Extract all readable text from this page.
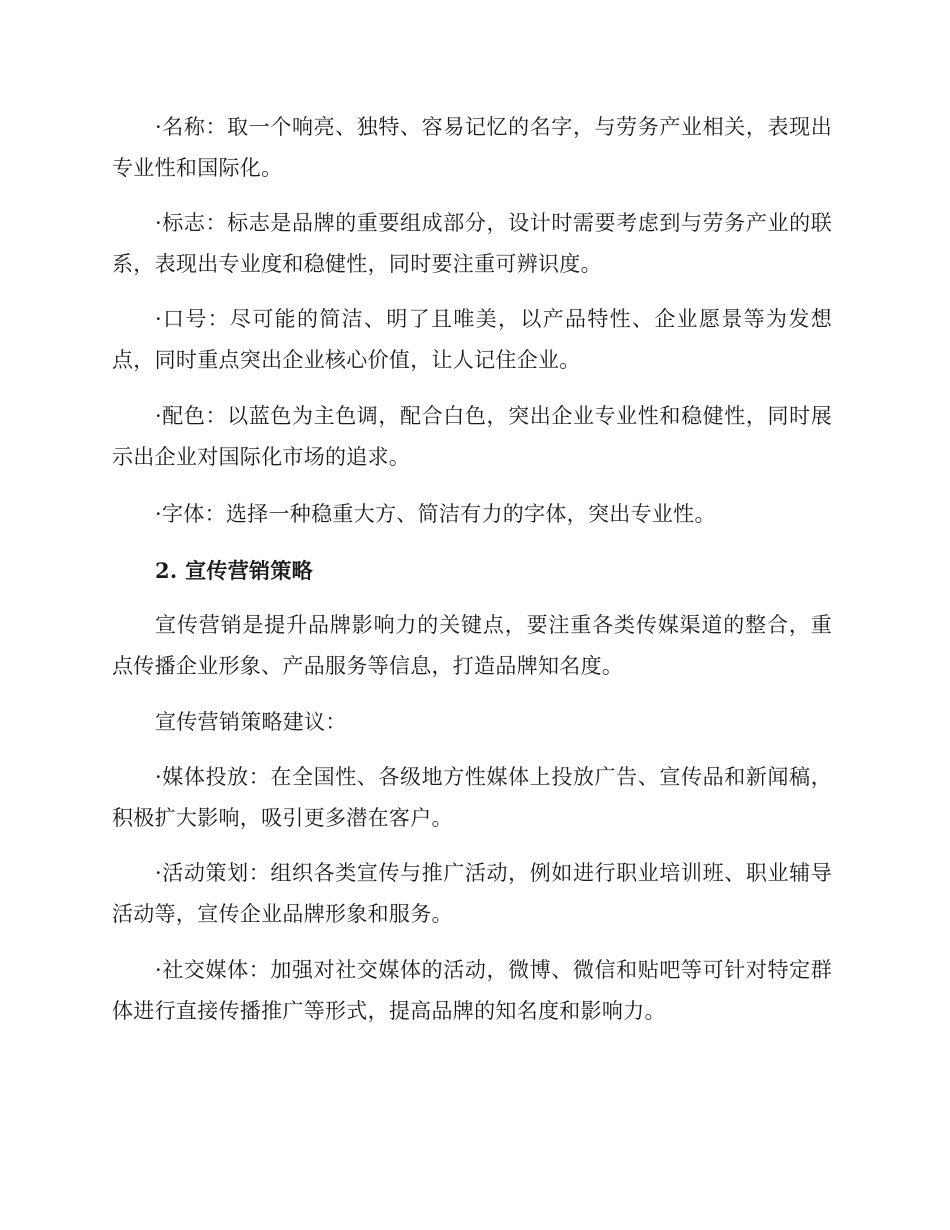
·名称：取一个响亮、独特、容易记忆的名字，与劳务产业相关，表现出专业性和国际化。

·标志：标志是品牌的重要组成部分，设计时需要考虑到与劳务产业的联系，表现出专业度和稳健性，同时要注重可辨识度。

·口号：尽可能的简洁、明了且唯美，以产品特性、企业愿景等为发想点，同时重点突出企业核心价值，让人记住企业。

·配色：以蓝色为主色调，配合白色，突出企业专业性和稳健性，同时展示出企业对国际化市场的追求。

·字体：选择一种稳重大方、简洁有力的字体，突出专业性。

2. 宣传营销策略

宣传营销是提升品牌影响力的关键点，要注重各类传媒渠道的整合，重点传播企业形象、产品服务等信息，打造品牌知名度。

宣传营销策略建议：

·媒体投放：在全国性、各级地方性媒体上投放广告、宣传品和新闻稿，积极扩大影响，吸引更多潜在客户。

·活动策划：组织各类宣传与推广活动，例如进行职业培训班、职业辅导活动等，宣传企业品牌形象和服务。

·社交媒体：加强对社交媒体的活动，微博、微信和贴吧等可针对特定群体进行直接传播推广等形式，提高品牌的知名度和影响力。
